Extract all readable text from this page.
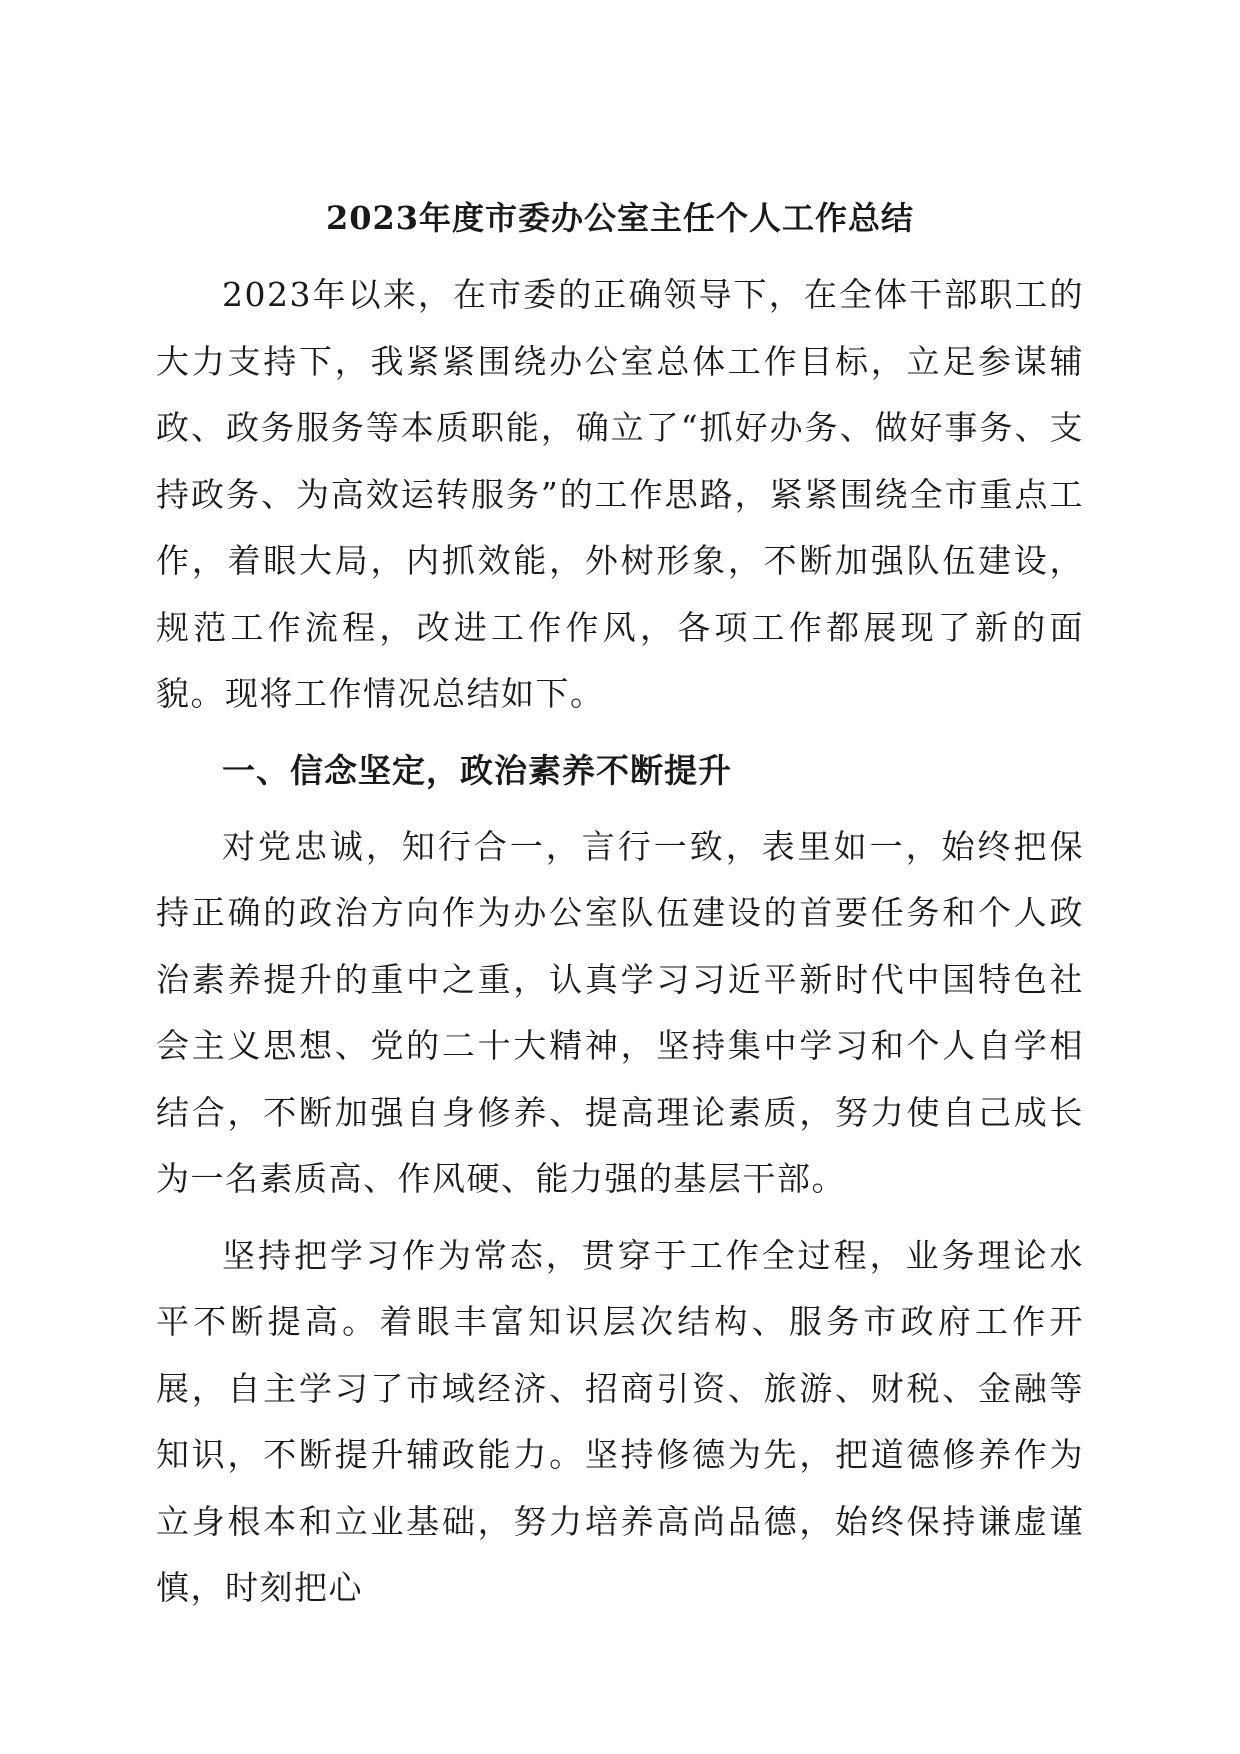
2023年度市委办公室主任个人工作总结

2023年以来，在市委的正确领导下，在全体干部职工的大力支持下，我紧紧围绕办公室总体工作目标，立足参谋辅政、政务服务等本质职能，确立了“抓好办务、做好事务、支持政务、为高效运转服务”的工作思路，紧紧围绕全市重点工作，着眼大局，内抓效能，外树形象，不断加强队伍建设，规范工作流程，改进工作作风，各项工作都展现了新的面貌。现将工作情况总结如下。

一、信念坚定，政治素养不断提升

对党忠诚，知行合一，言行一致，表里如一，始终把保持正确的政治方向作为办公室队伍建设的首要任务和个人政治素养提升的重中之重，认真学习习近平新时代中国特色社会主义思想、党的二十大精神，坚持集中学习和个人自学相结合，不断加强自身修养、提高理论素质，努力使自己成长为一名素质高、作风硬、能力强的基层干部。

坚持把学习作为常态，贯穿于工作全过程，业务理论水平不断提高。着眼丰富知识层次结构、服务市政府工作开展，自主学习了市域经济、招商引资、旅游、财税、金融等知识，不断提升辅政能力。坚持修德为先，把道德修养作为立身根本和立业基础，努力培养高尚品德，始终保持谦虚谨慎，时刻把心
